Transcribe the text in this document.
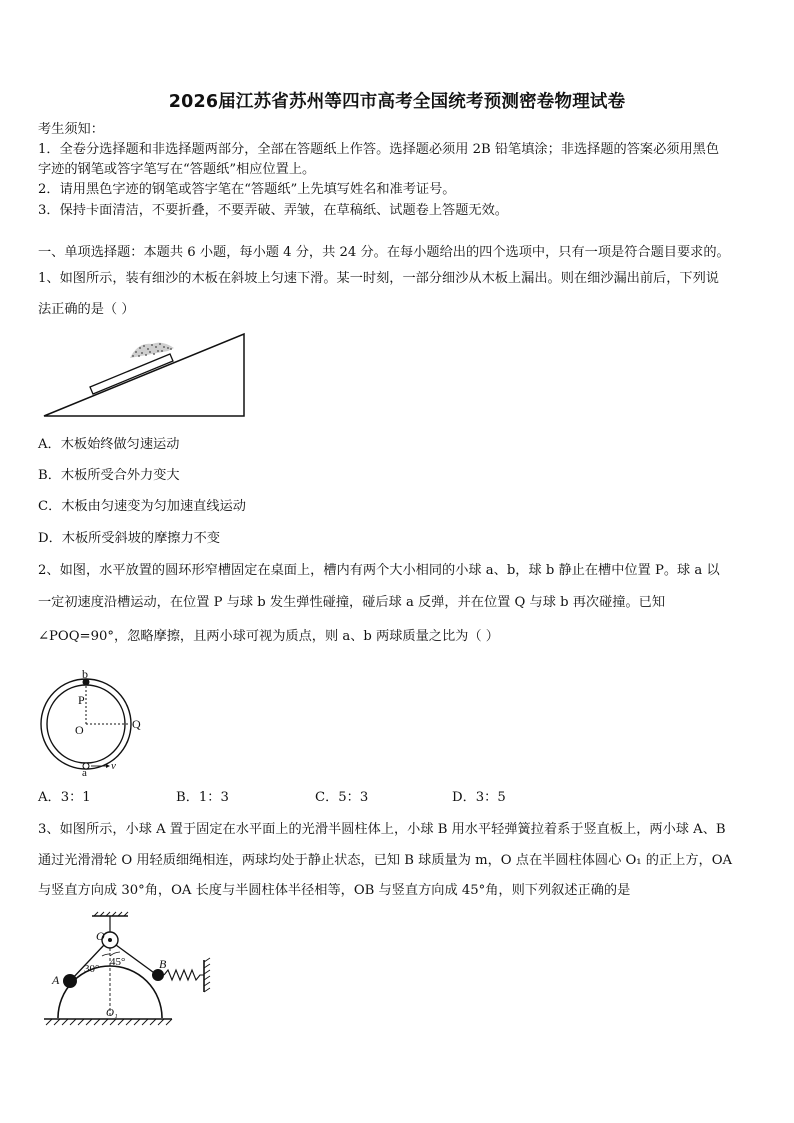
2026届江苏省苏州等四市高考全国统考预测密卷物理试卷
考生须知：
1．全卷分选择题和非选择题两部分，全部在答题纸上作答。选择题必须用 2B 铅笔填涂；非选择题的答案必须用黑色
字迹的钢笔或答字笔写在“答题纸”相应位置上。
2．请用黑色字迹的钢笔或答字笔在“答题纸”上先填写姓名和准考证号。
3．保持卡面清洁，不要折叠，不要弄破、弄皱，在草稿纸、试题卷上答题无效。
一、单项选择题：本题共 6 小题，每小题 4 分，共 24 分。在每小题给出的四个选项中，只有一项是符合题目要求的。
1、如图所示，装有细沙的木板在斜坡上匀速下滑。某一时刻，一部分细沙从木板上漏出。则在细沙漏出前后，下列说
法正确的是（ ）
A．木板始终做匀速运动
B．木板所受合外力变大
C．木板由匀速变为匀加速直线运动
D．木板所受斜坡的摩擦力不变
2、如图，水平放置的圆环形窄槽固定在桌面上，槽内有两个大小相同的小球 a、b，球 b 静止在槽中位置 P。球 a 以
一定初速度沿槽运动，在位置 P 与球 b 发生弹性碰撞，碰后球 a 反弹，并在位置 Q 与球 b 再次碰撞。已知
∠POQ=90°，忽略摩擦，且两小球可视为质点，则 a、b 两球质量之比为（ ）
b
P
O	Q
a
v
A．3：1	B．1：3	C．5：3	D．3：5
3、如图所示，小球 A 置于固定在水平面上的光滑半圆柱体上，小球 B 用水平轻弹簧拉着系于竖直板上，两小球 A、B
通过光滑滑轮 O 用轻质细绳相连，两球均处于静止状态，已知 B 球质量为 m，O 点在半圆柱体圆心 O₁ 的正上方，OA
与竖直方向成 30°角，OA 长度与半圆柱体半径相等，OB 与竖直方向成 45°角，则下列叙述正确的是
O
A
B
30°
45°
O₁
